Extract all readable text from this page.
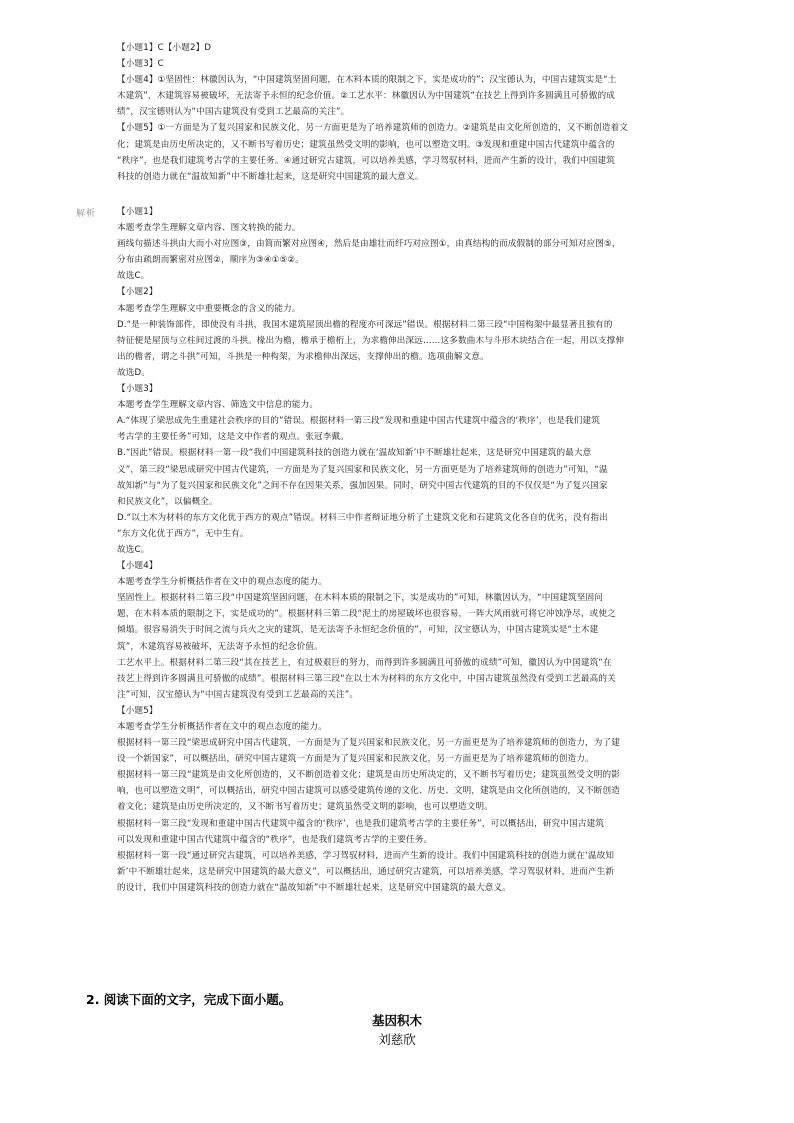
【小题1】C【小题2】D
【小题3】C
【小题4】①坚固性：林徽因认为，“中国建筑坚固问题，在木料本质的限制之下，实是成功的”；汉宝德认为，中国古建筑实是“土
木建筑”，木建筑容易被破坏，无法寄予永恒的纪念价值。②工艺水平：林徽因认为中国建筑“在技艺上得到许多圆满且可骄傲的成
绩”，汉宝德则认为“中国古建筑没有受到工艺最高的关注”。
【小题5】①一方面是为了复兴国家和民族文化，另一方面更是为了培养建筑师的创造力。②建筑是由文化所创造的，又不断创造着文
化；建筑是由历史所决定的，又不断书写着历史；建筑虽然受文明的影响，也可以塑造文明。③发现和重建中国古代建筑中蕴含的
“秩序”，也是我们建筑考古学的主要任务。④通过研究古建筑，可以培养美感，学习驾驭材料，进而产生新的设计，我们中国建筑
科技的创造力就在“温故知新”中不断雄壮起来，这是研究中国建筑的最大意义。
解析 【小题1】
本题考查学生理解文章内容、图文转换的能力。
画线句描述斗拱由大而小对应图③，由简而繁对应图④，然后是由雄壮而纤巧对应图①，由真结构的而成假制的部分可知对应图⑤，
分布由疏朗而繁密对应图②，顺序为③④①⑤②。
故选C。
【小题2】
本题考查学生理解文中重要概念的含义的能力。
D.“是一种装饰部件，即使没有斗拱，我国木建筑屋顶出檐的程度亦可深远”错误。根据材料二第三段“中国构架中最显著且独有的
特征便是屋顶与立柱间过渡的斗拱。椽出为檐，檐承于檐桁上，为求檐伸出深远……这多数曲木与斗形木块结合在一起，用以支撑伸
出的檐者，谓之斗拱”可知，斗拱是一种构架，为求檐伸出深远，支撑伸出的檐。选项曲解文意。
故选D。
【小题3】
本题考查学生理解文章内容、筛选文中信息的能力。
A.“体现了梁思成先生重建社会秩序的目的”错误。根据材料一第三段“发现和重建中国古代建筑中蕴含的‘秩序’，也是我们建筑
考古学的主要任务”可知，这是文中作者的观点。张冠李戴。
B.“因此”错误。根据材料一第一段“我们中国建筑科技的创造力就在‘温故知新’中不断雄壮起来，这是研究中国建筑的最大意
义”，第三段“梁思成研究中国古代建筑，一方面是为了复兴国家和民族文化，另一方面更是为了培养建筑师的创造力”可知，“温
故知新”与“为了复兴国家和民族文化”之间不存在因果关系，强加因果。同时，研究中国古代建筑的目的不仅仅是“为了复兴国家
和民族文化”，以偏概全。
D.“以土木为材料的东方文化优于西方的观点”错误。材料三中作者辩证地分析了土建筑文化和石建筑文化各自的优劣，没有指出
“东方文化优于西方”，无中生有。
故选C。
【小题4】
本题考查学生分析概括作者在文中的观点态度的能力。
坚固性上。根据材料二第三段“中国建筑坚固问题，在木料本质的限制之下，实是成功的”可知，林徽因认为，“中国建筑坚固问
题，在木料本质的限制之下，实是成功的”。根据材料三第二段“泥土的房屋破坏也很容易，一阵大风雨就可将它冲蚀净尽，或使之
倾塌。很容易消失于时间之流与兵火之灾的建筑，是无法寄予永恒纪念价值的”，可知，汉宝德认为，中国古建筑实是“土木建
筑”，木建筑容易被破坏，无法寄予永恒的纪念价值。
工艺水平上。根据材料二第三段“其在技艺上，有过极艰巨的努力，而得到许多圆满且可骄傲的成绩”可知，徽因认为中国建筑“在
技艺上得到许多圆满且可骄傲的成绩”。根据材料三第三段“在以土木为材料的东方文化中，中国古建筑虽然没有受到工艺最高的关
注”可知，汉宝德认为“中国古建筑没有受到工艺最高的关注”。
【小题5】
本题考查学生分析概括作者在文中的观点态度的能力。
根据材料一第三段“梁思成研究中国古代建筑，一方面是为了复兴国家和民族文化，另一方面更是为了培养建筑师的创造力，为了建
设一个新国家”，可以概括出，研究中国古建筑一方面是为了复兴国家和民族文化，另一方面更是为了培养建筑师的创造力。
根据材料一第三段“建筑是由文化所创造的，又不断创造着文化；建筑是由历史所决定的，又不断书写着历史；建筑虽然受文明的影
响，也可以塑造文明”，可以概括出，研究中国古建筑可以感受建筑传递的文化、历史、文明，建筑是由文化所创造的，又不断创造
着文化；建筑是由历史所决定的，又不断书写着历史；建筑虽然受文明的影响，也可以塑造文明。
根据材料一第三段“发现和重建中国古代建筑中蕴含的‘秩序’，也是我们建筑考古学的主要任务”，可以概括出，研究中国古建筑
可以发现和重建中国古代建筑中蕴含的“秩序”，也是我们建筑考古学的主要任务。
根据材料一第一段“通过研究古建筑，可以培养美感，学习驾驭材料，进而产生新的设计。我们中国建筑科技的创造力就在‘温故知
新’中不断雄壮起来，这是研究中国建筑的最大意义”，可以概括出，通过研究古建筑，可以培养美感，学习驾驭材料，进而产生新
的设计，我们中国建筑科技的创造力就在“温故知新”中不断雄壮起来，这是研究中国建筑的最大意义。
2. 阅读下面的文字，完成下面小题。
基因积木
刘慈欣
